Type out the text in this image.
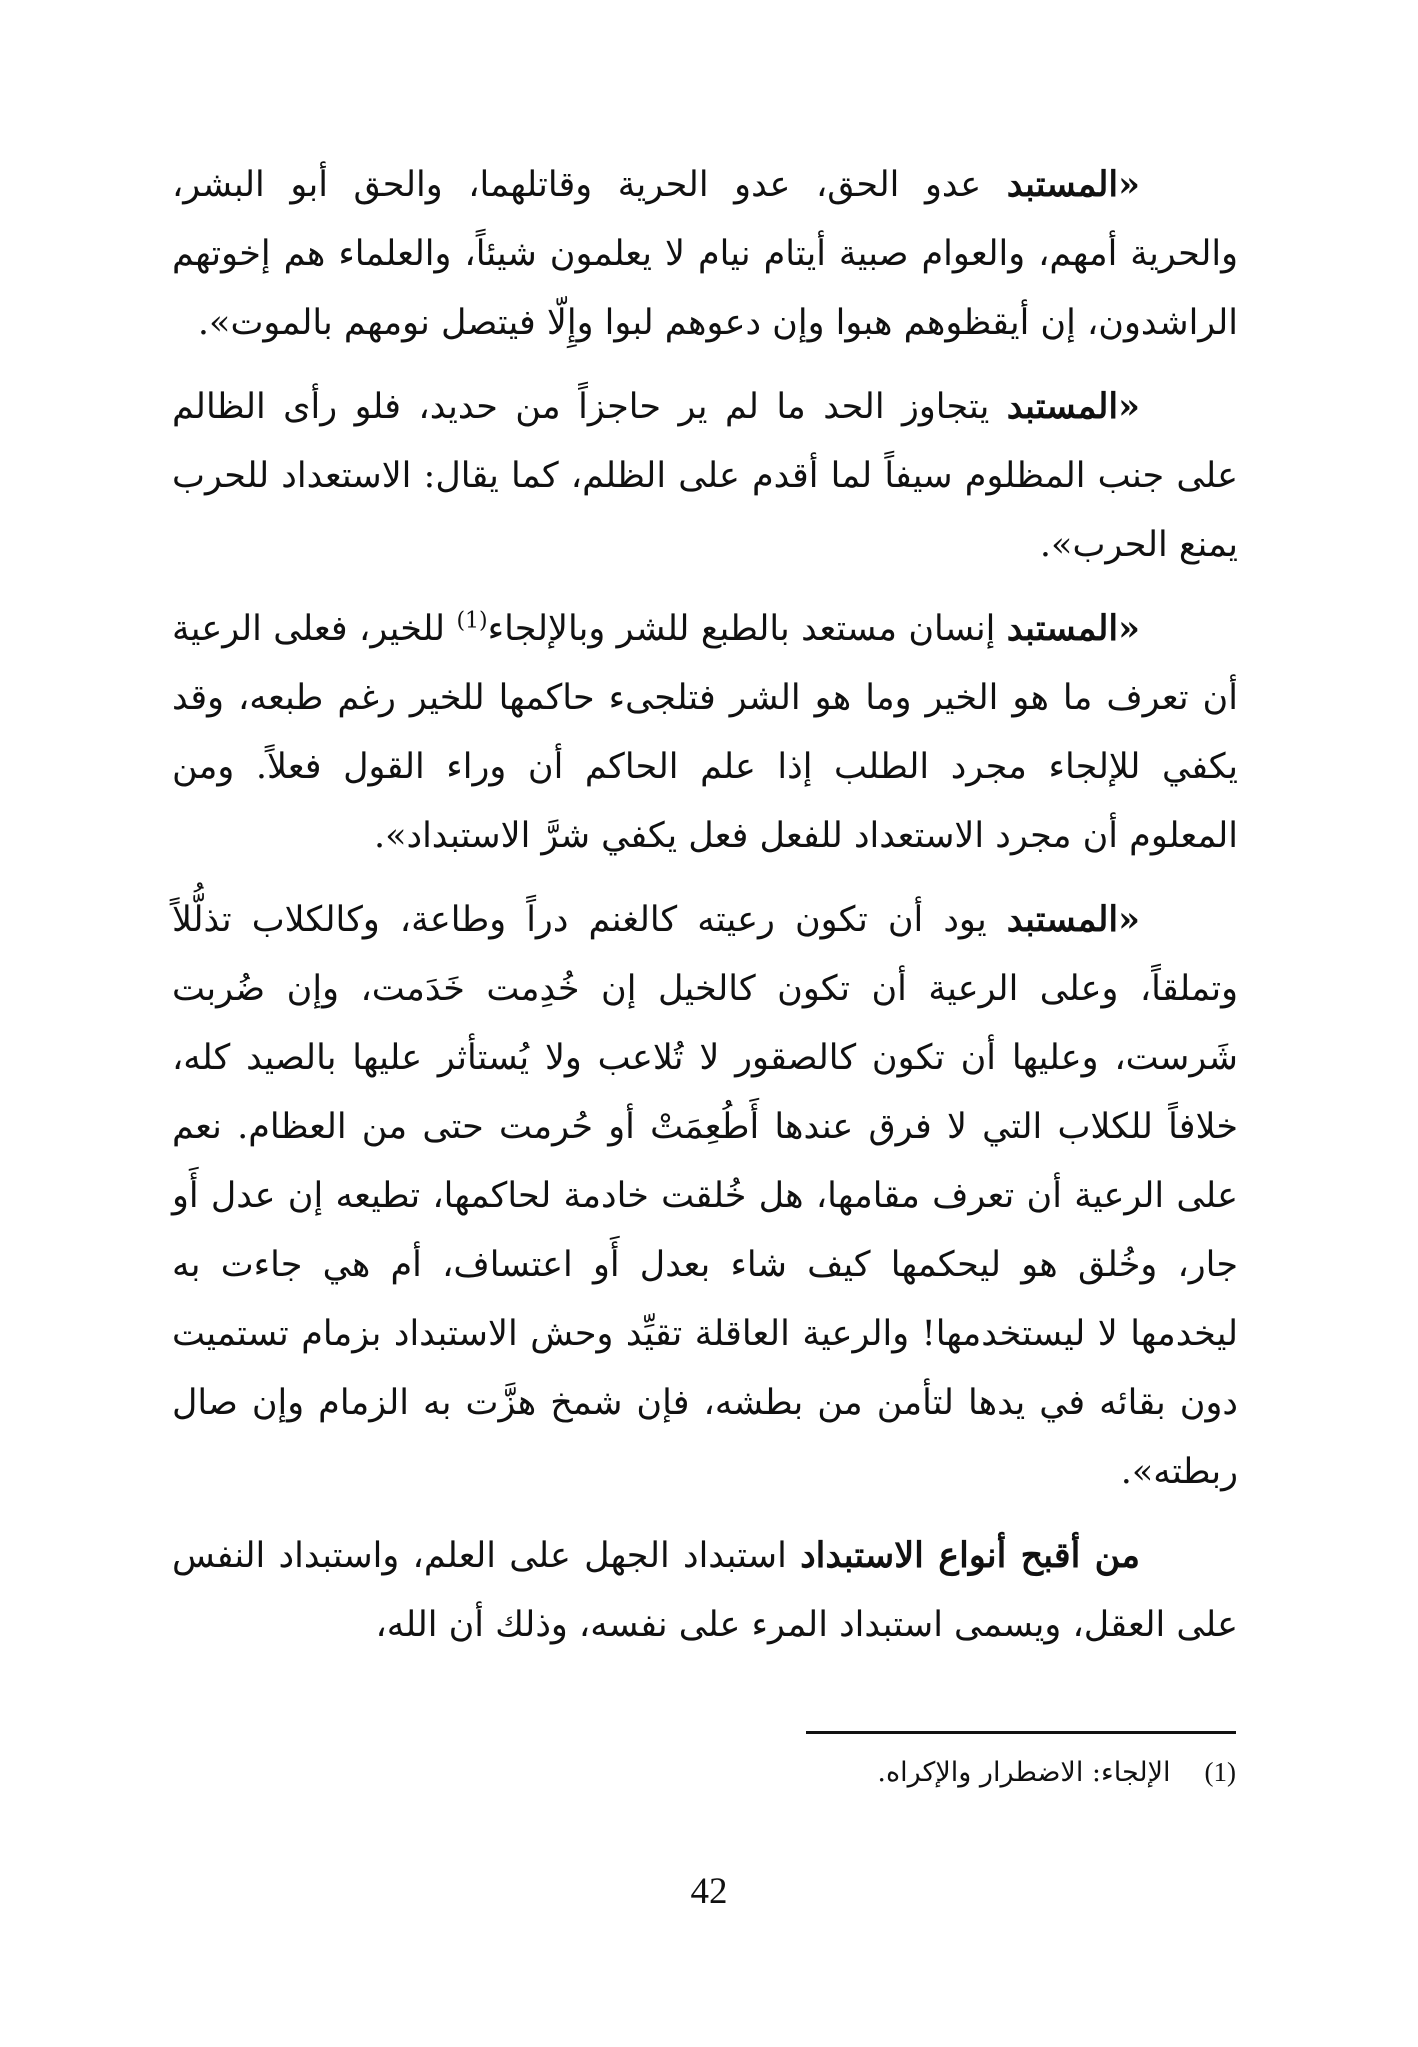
«المستبد عدو الحق، عدو الحرية وقاتلهما، والحق أبو البشر، والحرية أمهم، والعوام صبية أيتام نيام لا يعلمون شيئاً، والعلماء هم إخوتهم الراشدون، إن أيقظوهم هبوا وإن دعوهم لبوا وإِلّا فيتصل نومهم بالموت».

«المستبد يتجاوز الحد ما لم ير حاجزاً من حديد، فلو رأى الظالم على جنب المظلوم سيفاً لما أقدم على الظلم، كما يقال: الاستعداد للحرب يمنع الحرب».

«المستبد إنسان مستعد بالطبع للشر وبالإلجاء$^{(1)}$ للخير، فعلى الرعية أن تعرف ما هو الخير وما هو الشر فتلجىء حاكمها للخير رغم طبعه، وقد يكفي للإلجاء مجرد الطلب إذا علم الحاكم أن وراء القول فعلاً. ومن المعلوم أن مجرد الاستعداد للفعل فعل يكفي شرَّ الاستبداد».

«المستبد يود أن تكون رعيته كالغنم دراً وطاعة، وكالكلاب تذلُّلاً وتملقاً، وعلى الرعية أن تكون كالخيل إن خُدِمت خَدَمت، وإن ضُربت شَرست، وعليها أن تكون كالصقور لا تُلاعب ولا يُستأثر عليها بالصيد كله، خلافاً للكلاب التي لا فرق عندها أَطُعِمَتْ أو حُرمت حتى من العظام. نعم على الرعية أن تعرف مقامها، هل خُلقت خادمة لحاكمها، تطيعه إن عدل أَو جار، وخُلق هو ليحكمها كيف شاء بعدل أَو اعتساف، أم هي جاءت به ليخدمها لا ليستخدمها! والرعية العاقلة تقيِّد وحش الاستبداد بزمام تستميت دون بقائه في يدها لتأمن من بطشه، فإن شمخ هزَّت به الزمام وإن صال ربطته».

من أقبح أنواع الاستبداد استبداد الجهل على العلم، واستبداد النفس على العقل، ويسمى استبداد المرء على نفسه، وذلك أن الله،

(1)الإلجاء: الاضطرار والإكراه.
42
